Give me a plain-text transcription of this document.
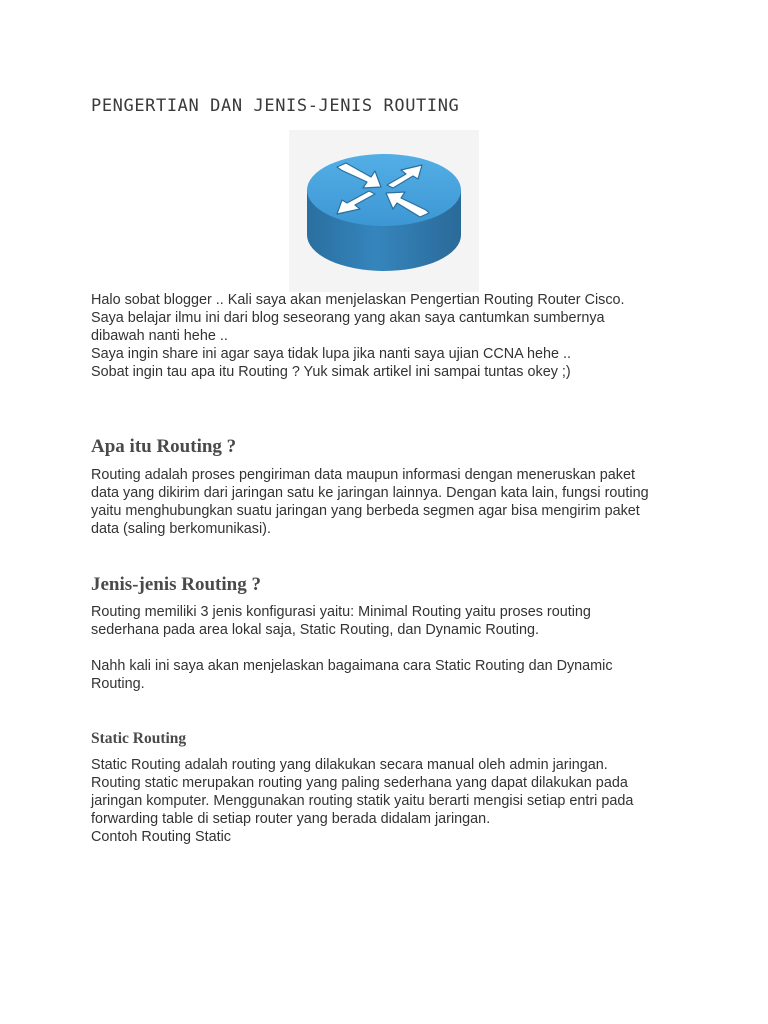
PENGERTIAN DAN JENIS-JENIS ROUTING

Halo sobat blogger .. Kali saya akan menjelaskan Pengertian Routing Router Cisco.
Saya belajar ilmu ini dari blog seseorang yang akan saya cantumkan sumbernya
dibawah nanti hehe ..
Saya ingin share ini agar saya tidak lupa jika nanti saya ujian CCNA hehe ..
Sobat ingin tau apa itu Routing ? Yuk simak artikel ini sampai tuntas okey ;)

Apa itu Routing ?

Routing adalah proses pengiriman data maupun informasi dengan meneruskan paket
data yang dikirim dari jaringan satu ke jaringan lainnya. Dengan kata lain, fungsi routing
yaitu menghubungkan suatu jaringan yang berbeda segmen agar bisa mengirim paket
data (saling berkomunikasi).

Jenis-jenis Routing ?

Routing memiliki 3 jenis konfigurasi yaitu: Minimal Routing yaitu proses routing
sederhana pada area lokal saja, Static Routing, dan Dynamic Routing.

Nahh kali ini saya akan menjelaskan bagaimana cara Static Routing dan Dynamic
Routing.

Static Routing

Static Routing adalah routing yang dilakukan secara manual oleh admin jaringan.
Routing static merupakan routing yang paling sederhana yang dapat dilakukan pada
jaringan komputer. Menggunakan routing statik yaitu berarti mengisi setiap entri pada
forwarding table di setiap router yang berada didalam jaringan.
Contoh Routing Static
